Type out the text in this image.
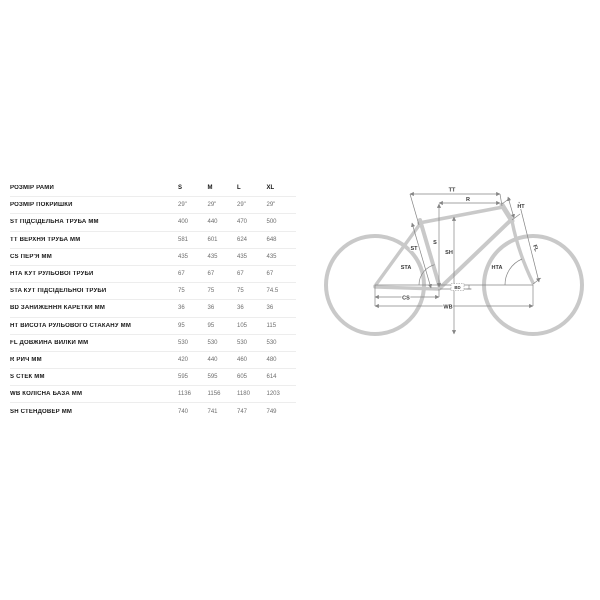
РОЗМІР РАМИ	S	M	L	XL
РОЗМІР ПОКРИШКИ	29"	29"	29"	29"
ST ПІДСІДЕЛЬНА ТРУБА ММ	400	440	470	500
ТТ ВЕРХНЯ ТРУБА ММ	581	601	624	648
CS ПЕР'Я ММ	435	435	435	435
НТА КУТ РУЛЬОВОЇ ТРУБИ	67	67	67	67
STA КУТ ПІДСІДЕЛЬНОЇ ТРУБИ	75	75	75	74.5
BD ЗАНИЖЕННЯ КАРЕТКИ ММ	36	36	36	36
НТ ВИСОТА РУЛЬОВОГО СТАКАНУ ММ	95	95	105	115
FL ДОВЖИНА ВИЛКИ ММ	530	530	530	530
R РИЧ ММ	420	440	460	480
S СТЕК ММ	595	595	605	614
WB КОЛІСНА БАЗА ММ	1136	1156	1180	1203
SH СТЕНДОВЕР ММ	740	741	747	749
TT
R
HT
ST
S
SH
STA	HTA
FL
BD
CS
WB
